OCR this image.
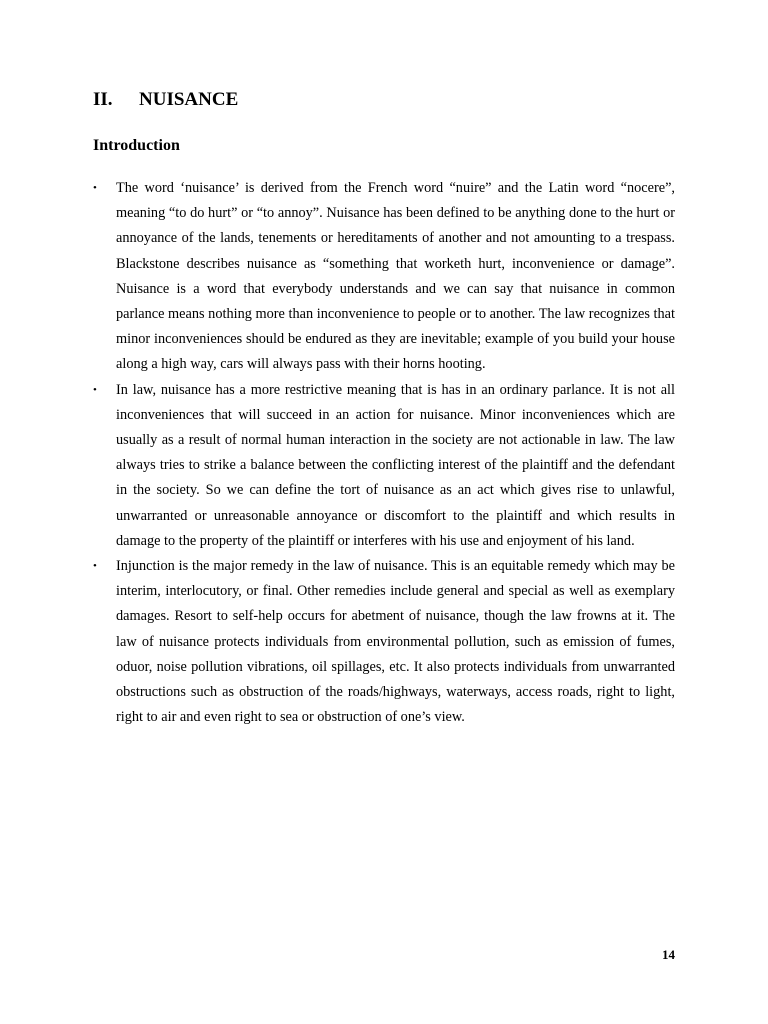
II. NUISANCE
Introduction
• The word ‘nuisance’ is derived from the French word “nuire” and the Latin word “nocere”, meaning “to do hurt” or “to annoy”. Nuisance has been defined to be anything done to the hurt or annoyance of the lands, tenements or hereditaments of another and not amounting to a trespass. Blackstone describes nuisance as “something that worketh hurt, inconvenience or damage”. Nuisance is a word that everybody understands and we can say that nuisance in common parlance means nothing more than inconvenience to people or to another. The law recognizes that minor inconveniences should be endured as they are inevitable; example of you build your house along a high way, cars will always pass with their horns hooting.
• In law, nuisance has a more restrictive meaning that is has in an ordinary parlance. It is not all inconveniences that will succeed in an action for nuisance. Minor inconveniences which are usually as a result of normal human interaction in the society are not actionable in law. The law always tries to strike a balance between the conflicting interest of the plaintiff and the defendant in the society. So we can define the tort of nuisance as an act which gives rise to unlawful, unwarranted or unreasonable annoyance or discomfort to the plaintiff and which results in damage to the property of the plaintiff or interferes with his use and enjoyment of his land.
• Injunction is the major remedy in the law of nuisance. This is an equitable remedy which may be interim, interlocutory, or final. Other remedies include general and special as well as exemplary damages. Resort to self-help occurs for abetment of nuisance, though the law frowns at it. The law of nuisance protects individuals from environmental pollution, such as emission of fumes, oduor, noise pollution vibrations, oil spillages, etc. It also protects individuals from unwarranted obstructions such as obstruction of the roads/highways, waterways, access roads, right to light, right to air and even right to sea or obstruction of one’s view.
14
